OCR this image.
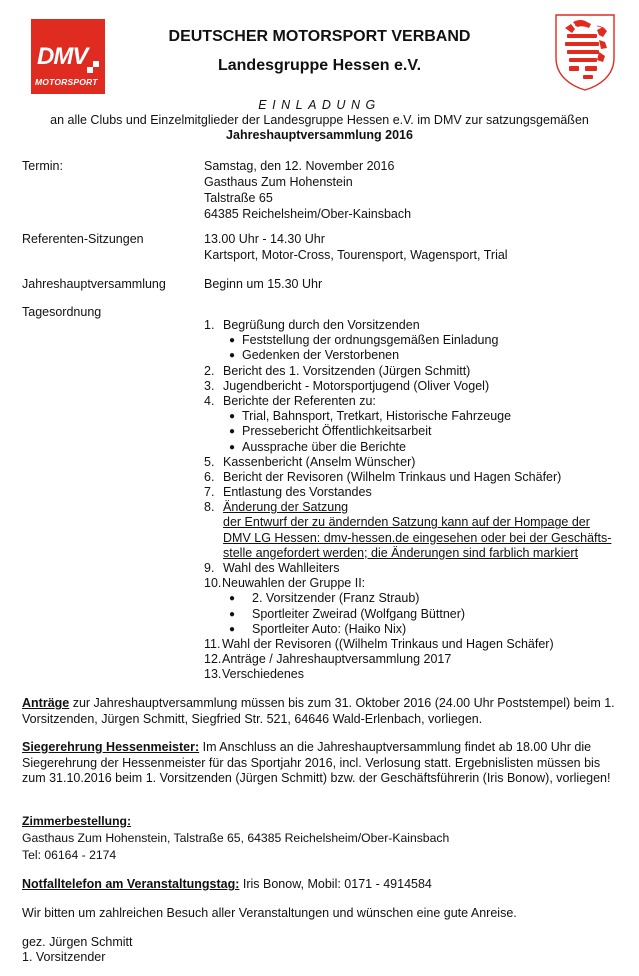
DMV
MOTORSPORT
DEUTSCHER MOTORSPORT VERBAND
Landesgruppe Hessen e.V.
EINLADUNG
an alle Clubs und Einzelmitglieder der Landesgruppe Hessen e.V. im DMV zur satzungsgemäßen
Jahreshauptversammlung 2016
Termin:	Samstag, den 12. November 2016
Gasthaus Zum Hohenstein
Talstraße 65
64385 Reichelsheim/Ober-Kainsbach
Referenten-Sitzungen	13.00 Uhr - 14.30 Uhr
Kartsport, Motor-Cross, Tourensport, Wagensport, Trial
Jahreshauptversammlung	Beginn um 15.30 Uhr
Tagesordnung
1. Begrüßung durch den Vorsitzenden
● Feststellung der ordnungsgemäßen Einladung
● Gedenken der Verstorbenen
2. Bericht des 1. Vorsitzenden (Jürgen Schmitt)
3. Jugendbericht - Motorsportjugend (Oliver Vogel)
4. Berichte der Referenten zu:
● Trial, Bahnsport, Tretkart, Historische Fahrzeuge
● Pressebericht Öffentlichkeitsarbeit
● Aussprache über die Berichte
5. Kassenbericht (Anselm Wünscher)
6. Bericht der Revisoren (Wilhelm Trinkaus und Hagen Schäfer)
7. Entlastung des Vorstandes
8. Änderung der Satzung
der Entwurf der zu ändernden Satzung kann auf der Hompage der
DMV LG Hessen: dmv-hessen.de eingesehen oder bei der Geschäfts-
stelle angefordert werden; die Änderungen sind farblich markiert
9. Wahl des Wahlleiters
10. Neuwahlen der Gruppe II:
● 2. Vorsitzender (Franz Straub)
● Sportleiter Zweirad (Wolfgang Büttner)
● Sportleiter Auto: (Haiko Nix)
11. Wahl der Revisoren ((Wilhelm Trinkaus und Hagen Schäfer)
12. Anträge / Jahreshauptversammlung 2017
13. Verschiedenes
Anträge zur Jahreshauptversammlung müssen bis zum 31. Oktober 2016 (24.00 Uhr Poststempel) beim 1. Vorsitzenden, Jürgen Schmitt, Siegfried Str. 521, 64646 Wald-Erlenbach, vorliegen.
Siegerehrung Hessenmeister: Im Anschluss an die Jahreshauptversammlung findet ab 18.00 Uhr die Siegerehrung der Hessenmeister für das Sportjahr 2016, incl. Verlosung statt. Ergebnislisten müssen bis zum 31.10.2016 beim 1. Vorsitzenden (Jürgen Schmitt) bzw. der Geschäftsführerin (Iris Bonow), vorliegen!
Zimmerbestellung:
Gasthaus Zum Hohenstein, Talstraße 65, 64385 Reichelsheim/Ober-Kainsbach
Tel: 06164 - 2174
Notfalltelefon am Veranstaltungstag: Iris Bonow, Mobil: 0171 - 4914584
Wir bitten um zahlreichen Besuch aller Veranstaltungen und wünschen eine gute Anreise.
gez. Jürgen Schmitt
1. Vorsitzender
